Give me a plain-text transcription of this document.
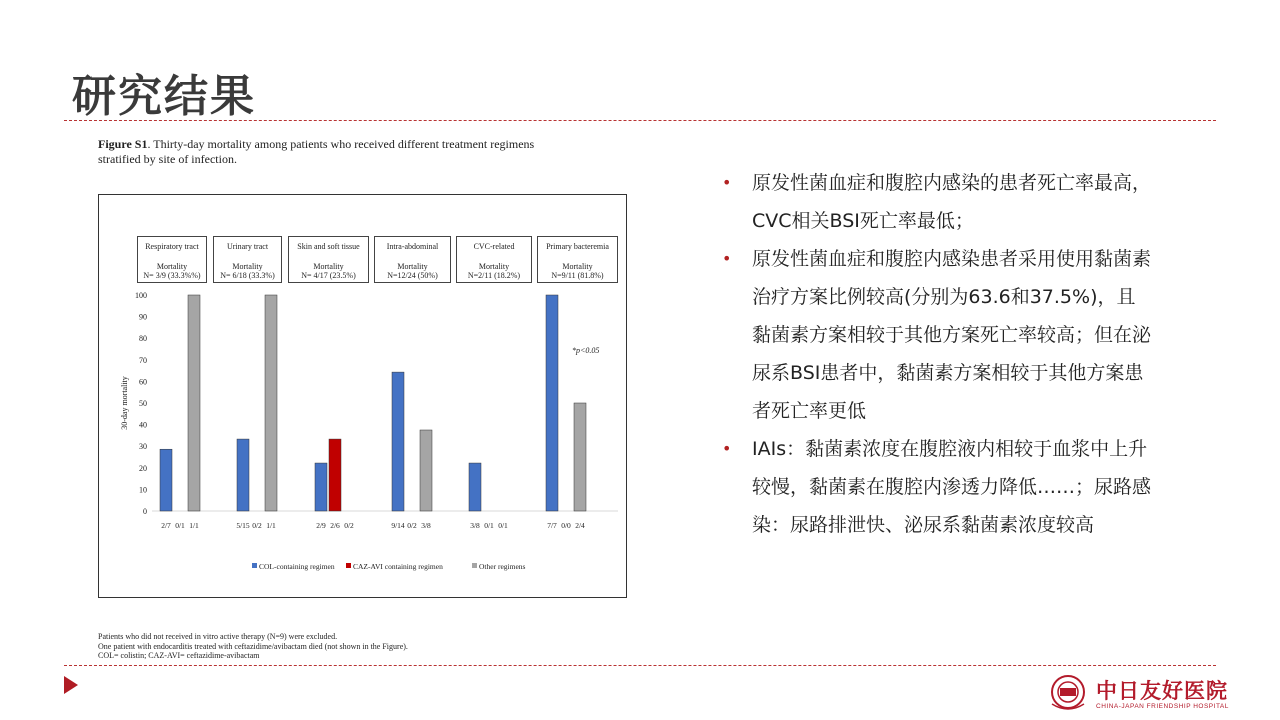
研究结果
Figure S1. Thirty-day mortality among patients who received different treatment regimens
stratified by site of infection.
Respiratory tract
Mortality
N= 3/9 (33.3%%)
Urinary tract
Mortality
N= 6/18 (33.3%)
Skin and soft tissue
Mortality
N= 4/17 (23.5%)
Intra-abdominal
Mortality
N=12/24 (50%)
CVC-related
Mortality
N=2/11 (18.2%)
Primary bacteremia
Mortality
N=9/11 (81.8%)
0
10
20
30
40
50
60
70
80
90
100
30-day mortality
2/7 0/1 1/1	5/15 0/2 1/1	2/9 2/6 0/2	9/14 0/2 3/8	3/8 0/1 0/1	7/7 0/0 2/4
*p<0.05
COL-containing regimen CAZ-AVI containing regimen	Other regimens
Patients who did not received in vitro active therapy (N=9) were excluded.
One patient with endocarditis treated with ceftazidime/avibactam died (not shown in the Figure).
COL= colistin; CAZ-AVI= ceftazidime-avibactam
• 原发性菌血症和腹腔内感染的患者死亡率最高，CVC相关BSI死亡率最低；
• 原发性菌血症和腹腔内感染患者采用使用黏菌素治疗方案比例较高(分别为63.6和37.5%)，且黏菌素方案相较于其他方案死亡率较高；但在泌尿系BSI患者中，黏菌素方案相较于其他方案患者死亡率更低
• IAIs：黏菌素浓度在腹腔液内相较于血浆中上升较慢，黏菌素在腹腔内渗透力降低……；尿路感染：尿路排泄快、泌尿系黏菌素浓度较高
中日友好医院
CHINA-JAPAN FRIENDSHIP HOSPITAL
